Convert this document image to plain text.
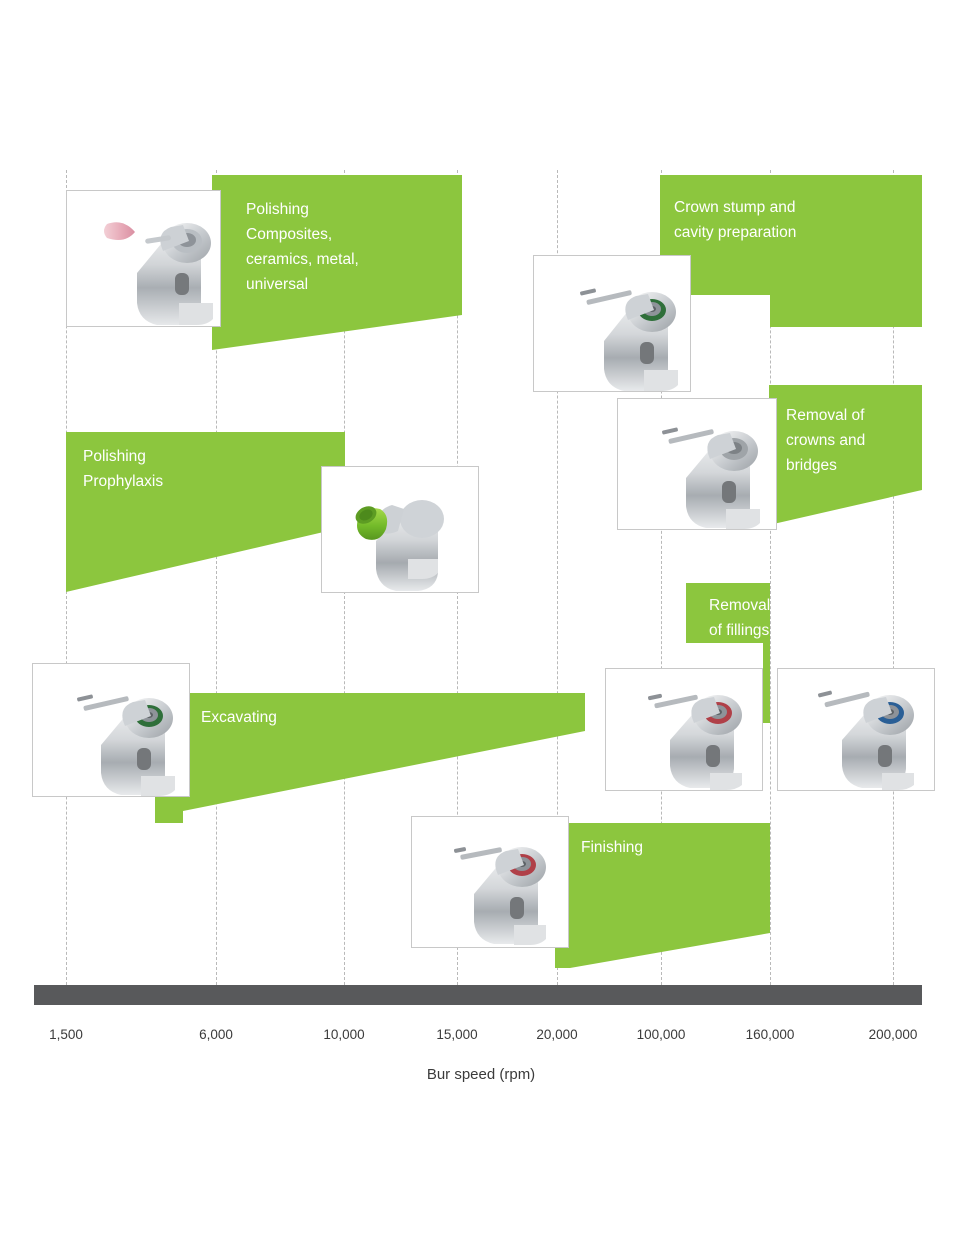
Polishing
Composites,
ceramics, metal,
universal
Crown stump and
cavity preparation
Removal of
crowns and
bridges
Polishing
Prophylaxis
Removal
of fillings
Excavating
Finishing
1,500	6,000	10,000	15,000	20,000	100,000	160,000	200,000
Bur speed (rpm)
